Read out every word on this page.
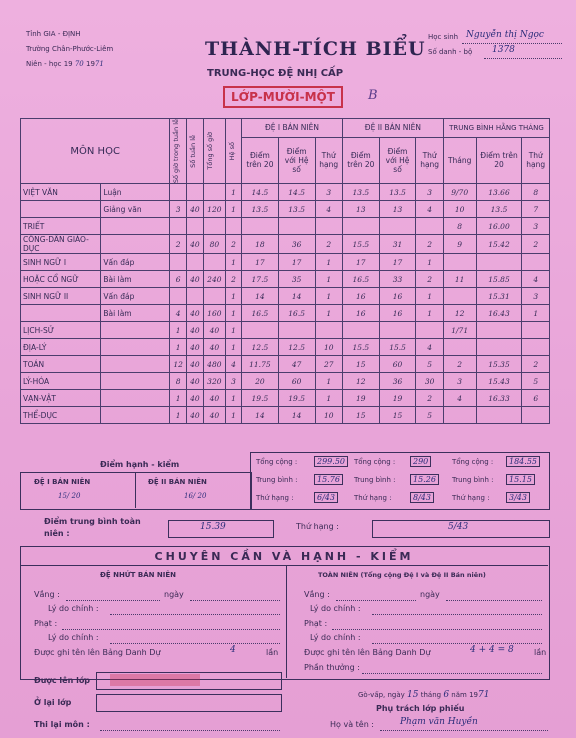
Tỉnh GIA - ĐỊNH
Trường Chân-Phước-Liêm
Niên - học 19 70 1971
THÀNH-TÍCH BIỂU
TRUNG-HỌC ĐỆ NHỊ CẤP
LỚP-MƯỜI-MỘT	B
Học sinh Nguyễn thị Ngọc
Số danh - bộ 1378
MÔN HỌC		Số giờ trong tuần lễ	Số tuần lễ	Tổng số giờ	Hệ số	ĐỆ I BÁN NIÊN			ĐỆ II BÁN NIÊN			TRUNG BÌNH HẰNG THÁNG		
						Điểm trên 20	Điểm với Hệ số	Thứ hạng	Điểm trên 20	Điểm với Hệ số	Thứ hạng	Tháng	Điểm trên 20	Thứ hạng
VIỆT VĂN	Luận				1	14.5	14.5	3	13.5	13.5	3	9/70	13.66	8
	Giảng văn	3	40	120	1	13.5	13.5	4	13	13	4	10	13.5	7
TRIẾT												8	16.00	3
CÔNG-DÂN GIÁO-DỤC		2	40	80	2	18	36	2	15.5	31	2	9	15.42	2
SINH NGỮ I	Vấn đáp				1	17	17	1	17	17	1			
HOẶC CỔ NGỮ	Bài làm	6	40	240	2	17.5	35	1	16.5	33	2	11	15.85	4
SINH NGỮ II	Vấn đáp				1	14	14	1	16	16	1		15.31	3
	Bài làm	4	40	160	1	16.5	16.5	1	16	16	1	12	16.43	1
LỊCH-SỬ		1	40	40	1							1/71		
ĐỊA-LÝ		1	40	40	1	12.5	12.5	10	15.5	15.5	4			
TOÁN		12	40	480	4	11.75	47	27	15	60	5	2	15.35	2
LÝ-HÓA		8	40	320	3	20	60	1	12	36	30	3	15.43	5
VẠN-VẬT		1	40	40	1	19.5	19.5	1	19	19	2	4	16.33	6
THỂ-DỤC		1	40	40	1	14	14	10	15	15	5			
Điểm hạnh - kiểm
ĐỆ I BÁN NIÊN
15/ 20
ĐỆ II BÁN NIÊN
16/ 20
Tổng cộng :	299.50
Trung bình :	15.76
Thứ hạng :	6/43
Tổng cộng :	290
Trung bình :	15.26
Thứ hạng :	8/43
Tổng cộng :	184.55
Trung bình :	15.15
Thứ hạng :	3/43
Điểm trung bình toàn niên :
15.39	Thứ hạng :	5/43
CHUYÊN CẦN VÀ HẠNH - KIỂM
ĐỆ NHỨT BÁN NIÊN	TOÀN NIÊN (Tổng cộng Đệ I và Đệ II Bán niên)
Vắng :	ngày
Lý do chính :
Phạt :
Lý do chính :
Được ghi tên lên Bảng Danh Dự	4	lần
Vắng :	ngày
Lý do chính :
Phạt :
Lý do chính :
Được ghi tên lên Bảng Danh Dự	4 + 4 = 8	lần
Phần thưởng :
Được lên lớp
Ở lại lớp
Thi lại môn :
Gò-vấp, ngày 15 tháng 6 năm 1971
Phụ trách lớp phiếu
Họ và tên :	Phạm văn Huyền
